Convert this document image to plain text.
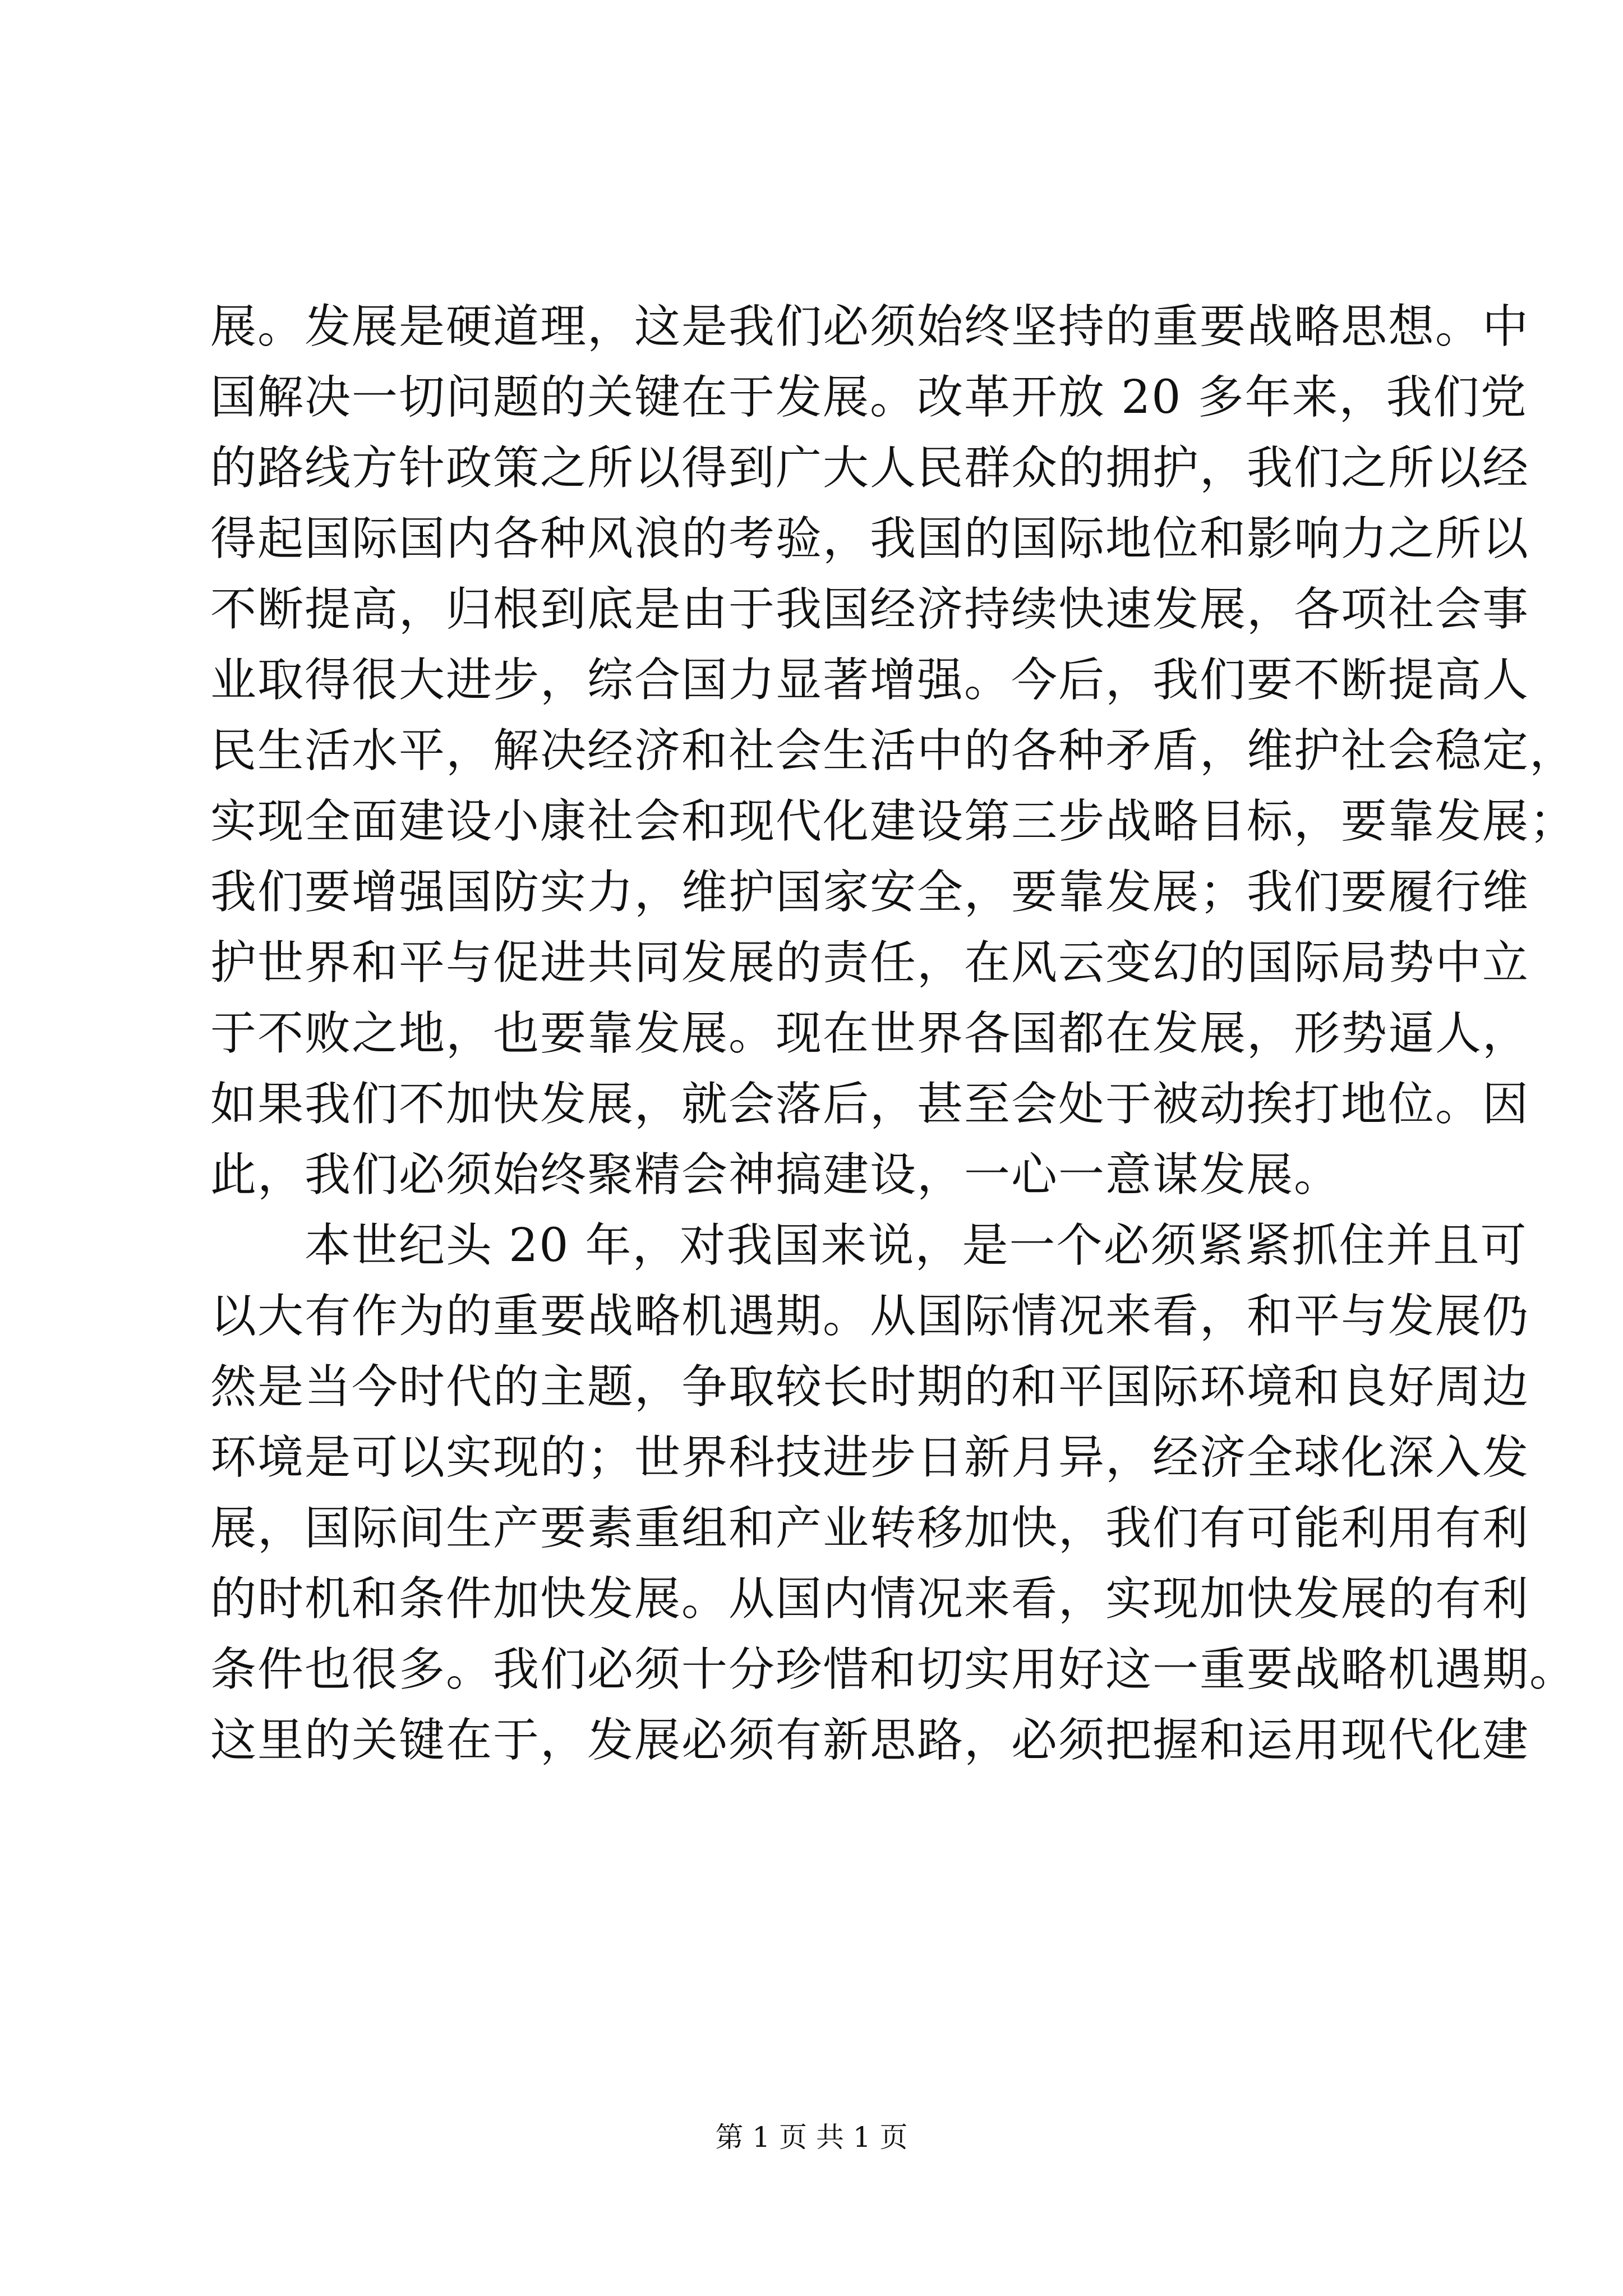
展。发展是硬道理，这是我们必须始终坚持的重要战略思想。中
国解决一切问题的关键在于发展。改革开放 20 多年来，我们党
的路线方针政策之所以得到广大人民群众的拥护，我们之所以经
得起国际国内各种风浪的考验，我国的国际地位和影响力之所以
不断提高，归根到底是由于我国经济持续快速发展，各项社会事
业取得很大进步，综合国力显著增强。今后，我们要不断提高人
民生活水平，解决经济和社会生活中的各种矛盾，维护社会稳定，
实现全面建设小康社会和现代化建设第三步战略目标，要靠发展；
我们要增强国防实力，维护国家安全，要靠发展；我们要履行维
护世界和平与促进共同发展的责任，在风云变幻的国际局势中立
于不败之地，也要靠发展。现在世界各国都在发展，形势逼人，
如果我们不加快发展，就会落后，甚至会处于被动挨打地位。因
此，我们必须始终聚精会神搞建设，一心一意谋发展。
本世纪头 20 年，对我国来说，是一个必须紧紧抓住并且可
以大有作为的重要战略机遇期。从国际情况来看，和平与发展仍
然是当今时代的主题，争取较长时期的和平国际环境和良好周边
环境是可以实现的；世界科技进步日新月异，经济全球化深入发
展，国际间生产要素重组和产业转移加快，我们有可能利用有利
的时机和条件加快发展。从国内情况来看，实现加快发展的有利
条件也很多。我们必须十分珍惜和切实用好这一重要战略机遇期。
这里的关键在于，发展必须有新思路，必须把握和运用现代化建
第 1 页 共 1 页
